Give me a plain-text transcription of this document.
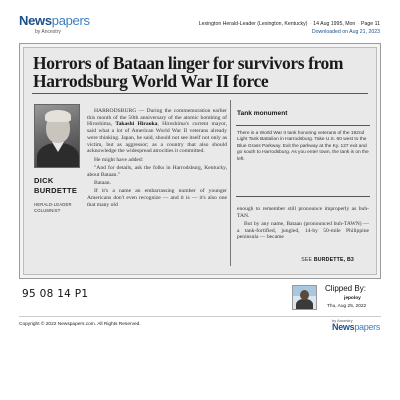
Newspapers
by Ancestry
Lexington Herald-Leader (Lexington, Kentucky) · 14 Aug 1995, Mon · Page 11
Downloaded on Aug 21, 2023
Horrors of Bataan linger for survivors from Harrodsburg World War II force
DICK
BURDETTE
HERALD-LEADER
COLUMNIST

HARRODSBURG — During the commemoration earlier this month of the 50th anniversary of the atomic bombing of Hiroshima, Takashi Hiraoka, Hiroshima's current mayor, said what a lot of American World War II veterans already were thinking. Japan, he said, should not see itself not only as victim, but as aggressor; as a country that also should acknowledge the widespread atrocities it committed.

He might have added:

"And for details, ask the folks in Harrodsburg, Kentucky, about Bataan."

Bataan.

If it's a name an embarrassing number of younger Americans don't even recognize — and it is — it's also one that many old

Tank monument
There is a World War II tank honoring veterans of the 192nd Light Tank Battalion in Harrodsburg. Take U.S. 60 west to the Blue Grass Parkway. Exit the parkway at the Ky. 127 exit and go south to Harrodsburg. As you enter town, the tank is on the left.

enough to remember still pronounce improperly as buh-TAN.

But by any name, Bataan (pronounced buh-TAWN) — a tank-fortified, jungled, 14-by 50-mile Philippine peninsula — became

SEE BURDETTE, B3
95 08 14 P1	Clipped By:
jepoloy
Thu, Aug 25, 2022
Copyright © 2022 Newspapers.com. All Rights Reserved.
by Ancestry
Newspapers
